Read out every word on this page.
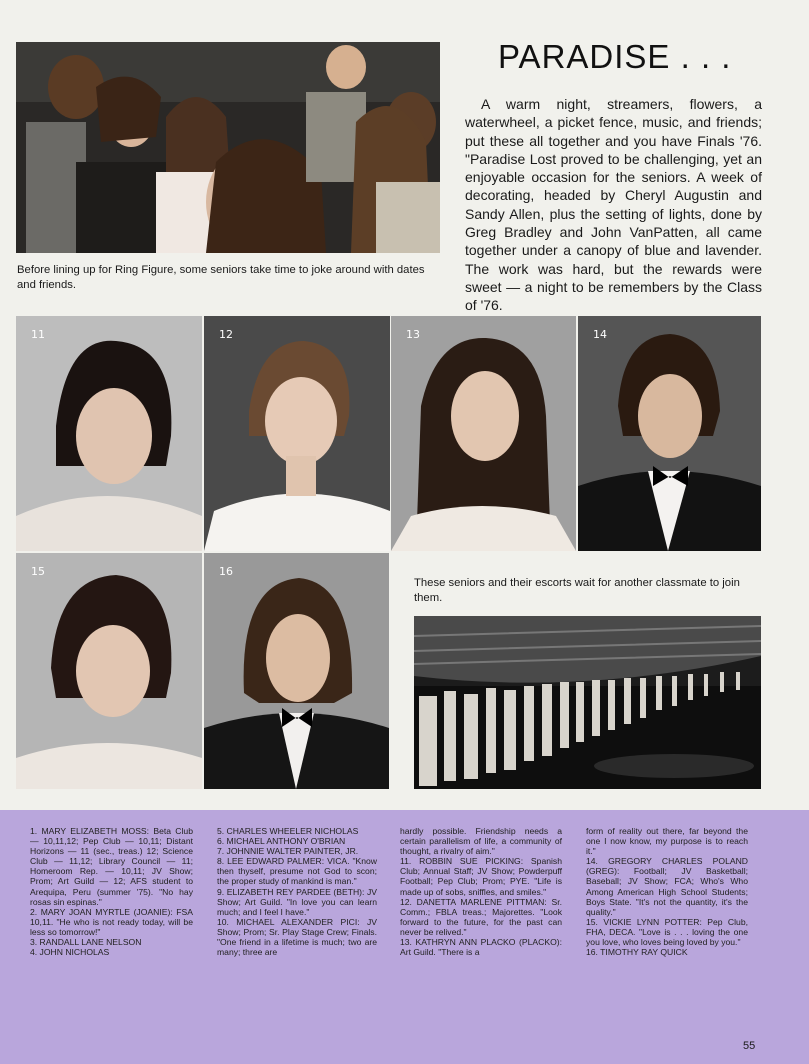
Before lining up for Ring Figure, some seniors take time to joke around with dates and friends.
PARADISE . . .
A warm night, streamers, flowers, a waterwheel, a picket fence, music, and friends; put these all together and you have Finals '76. "Paradise Lost proved to be challenging, yet an enjoyable occasion for the seniors. A week of decorating, headed by Cheryl Augustin and Sandy Allen, plus the setting of lights, done by Greg Bradley and John VanPatten, all came together under a canopy of blue and lavender. The work was hard, but the rewards were sweet — a night to be remembers by the Class of '76.
11	12	13	14
15	16
These seniors and their escorts wait for another classmate to join them.

1. MARY ELIZABETH MOSS: Beta Club — 10,11,12; Pep Club — 10,11; Distant Horizons — 11 (sec., treas.) 12; Science Club — 11,12; Library Council — 11; Homeroom Rep. — 10,11; JV Show; Prom; Art Guild — 12; AFS student to Arequipa, Peru (summer '75). "No hay rosas sin espinas."

2. MARY JOAN MYRTLE (JOANIE): FSA 10,11. "He who is not ready today, will be less so tomorrow!"

3. RANDALL LANE NELSON

4. JOHN NICHOLAS

5. CHARLES WHEELER NICHOLAS

6. MICHAEL ANTHONY O'BRIAN

7. JOHNNIE WALTER PAINTER, JR.

8. LEE EDWARD PALMER: VICA. "Know then thyself, presume not God to scon; the proper study of mankind is man."

9. ELIZABETH REY PARDEE (BETH): JV Show; Art Guild. "In love you can learn much; and I feel I have."

10. MICHAEL ALEXANDER PICI: JV Show; Prom; Sr. Play Stage Crew; Finals. "One friend in a lifetime is much; two are many; three are

hardly possible. Friendship needs a certain parallelism of life, a community of thought, a rivalry of aim."

11. ROBBIN SUE PICKING: Spanish Club; Annual Staff; JV Show; Powderpuff Football; Pep Club; Prom; PYE. "Life is made up of sobs, sniffles, and smiles."

12. DANETTA MARLENE PITTMAN: Sr. Comm.; FBLA treas.; Majorettes. "Look forward to the future, for the past can never be relived."

13. KATHRYN ANN PLACKO (PLACKO): Art Guild. "There is a

form of reality out there, far beyond the one I now know, my purpose is to reach it."

14. GREGORY CHARLES POLAND (GREG): Football; JV Basketball; Baseball; JV Show; FCA; Who's Who Among American High School Students; Boys State. "It's not the quantity, it's the quality."

15. VICKIE LYNN POTTER: Pep Club, FHA, DECA. "Love is . . . loving the one you love, who loves being loved by you."

16. TIMOTHY RAY QUICK

55
